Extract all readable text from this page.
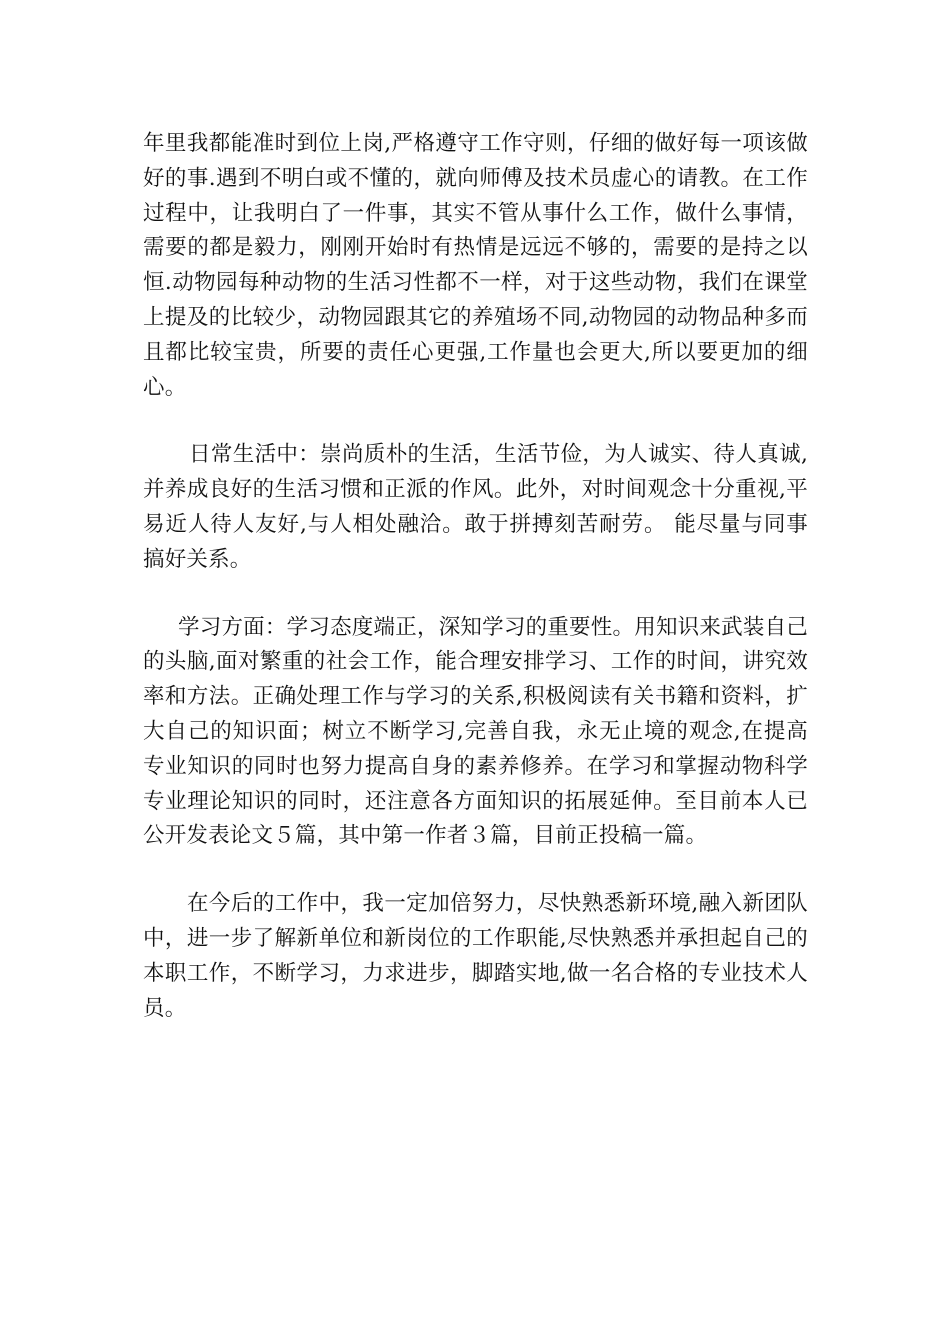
年里我都能准时到位上岗,严格遵守工作守则，仔细的做好每一项该做好的事.遇到不明白或不懂的，就向师傅及技术员虚心的请教。在工作过程中，让我明白了一件事，其实不管从事什么工作，做什么事情，需要的都是毅力，刚刚开始时有热情是远远不够的，需要的是持之以恒.动物园每种动物的生活习性都不一样，对于这些动物，我们在课堂上提及的比较少，动物园跟其它的养殖场不同,动物园的动物品种多而且都比较宝贵，所要的责任心更强,工作量也会更大,所以要更加的细心。

日常生活中：崇尚质朴的生活，生活节俭，为人诚实、待人真诚,并养成良好的生活习惯和正派的作风。此外，对时间观念十分重视,平易近人待人友好,与人相处融洽。敢于拼搏刻苦耐劳。 能尽量与同事搞好关系。

学习方面：学习态度端正，深知学习的重要性。用知识来武装自己的头脑,面对繁重的社会工作，能合理安排学习、工作的时间，讲究效率和方法。正确处理工作与学习的关系,积极阅读有关书籍和资料，扩大自己的知识面；树立不断学习,完善自我，永无止境的观念,在提高专业知识的同时也努力提高自身的素养修养。在学习和掌握动物科学专业理论知识的同时，还注意各方面知识的拓展延伸。至目前本人已公开发表论文５篇，其中第一作者３篇，目前正投稿一篇。

在今后的工作中，我一定加倍努力，尽快熟悉新环境,融入新团队中，进一步了解新单位和新岗位的工作职能,尽快熟悉并承担起自己的本职工作，不断学习，力求进步，脚踏实地,做一名合格的专业技术人员。
